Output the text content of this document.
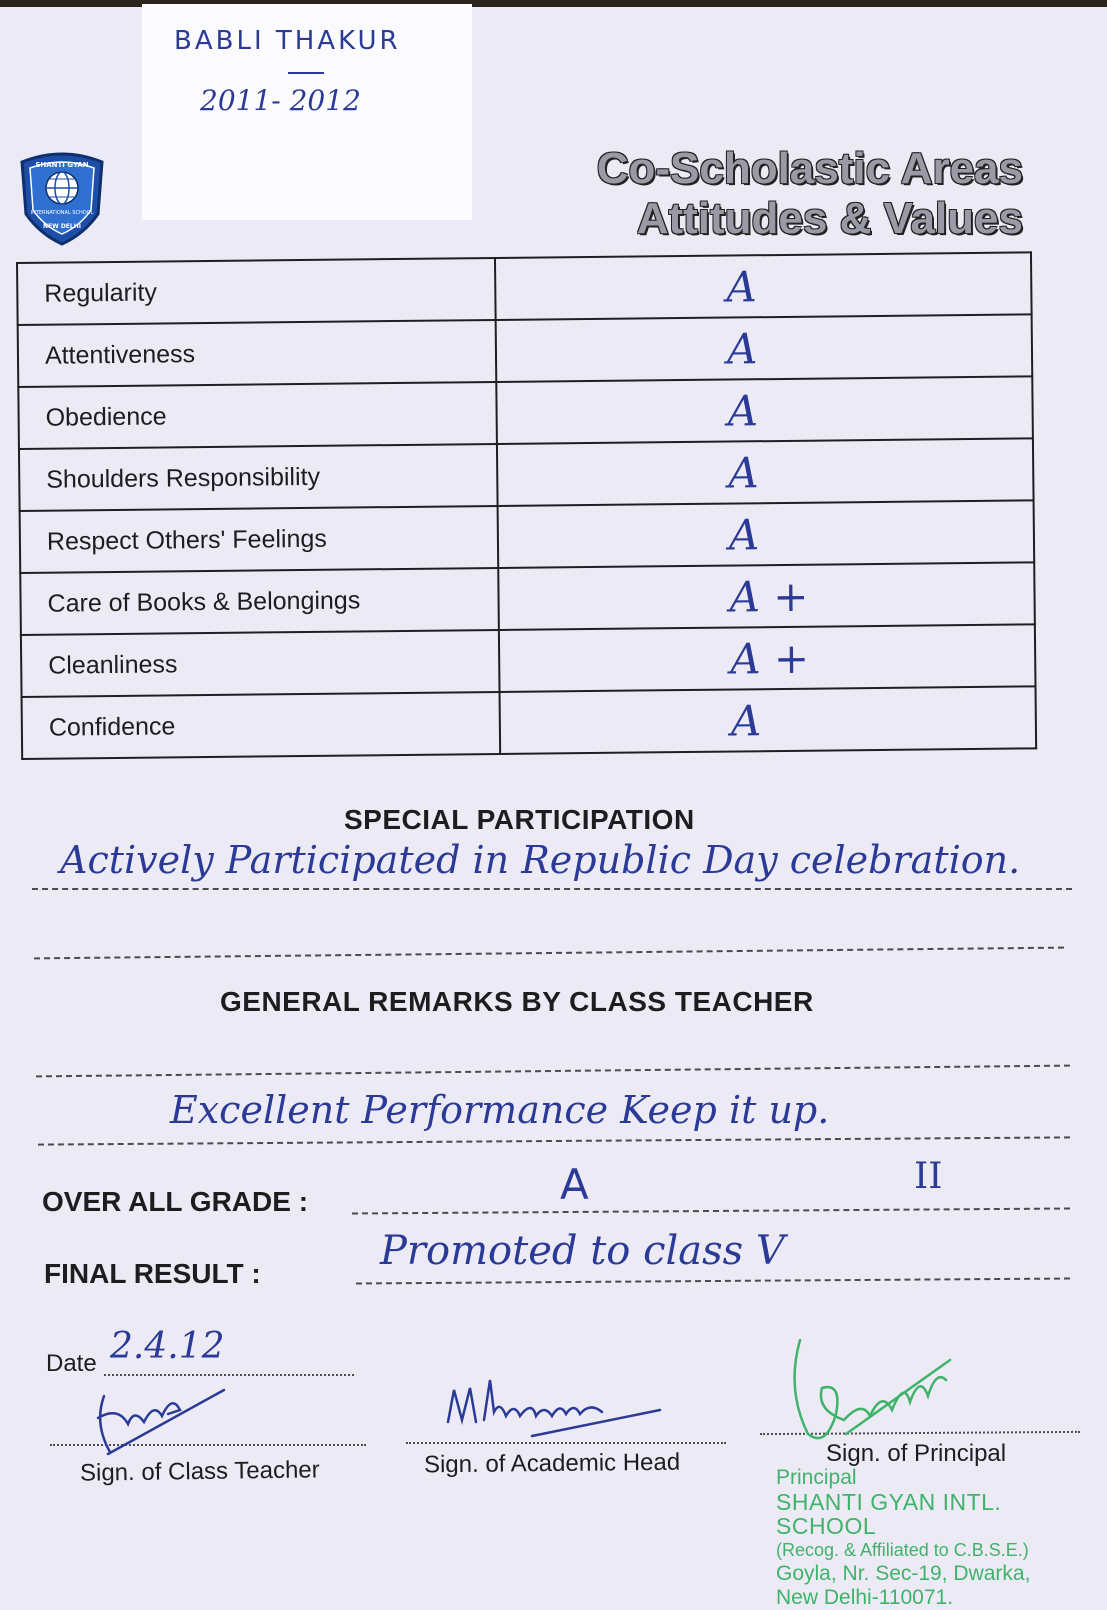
BABLI THAKUR
2011- 2012
SHANTI GYAN
INTERNATIONAL SCHOOL
NEW DELHI
Co-Scholastic Areas
Attitudes & Values
Regularity	A
Attentiveness	A
Obedience	A
Shoulders Responsibility	A
Respect Others' Feelings	A
Care of Books & Belongings	A +
Cleanliness	A +
Confidence	A
SPECIAL PARTICIPATION
Actively Participated in Republic Day celebration.
GENERAL REMARKS BY CLASS TEACHER
Excellent Performance Keep it up.
OVER ALL GRADE :	A	II
FINAL RESULT :	Promoted to class V
Date 2.4.12
Sign. of Class Teacher	Sign. of Academic Head	Sign. of Principal
Principal
SHANTI GYAN INTL. SCHOOL
(Recog. & Affiliated to C.B.S.E.)
Goyla, Nr. Sec-19, Dwarka,
New Delhi-110071.
